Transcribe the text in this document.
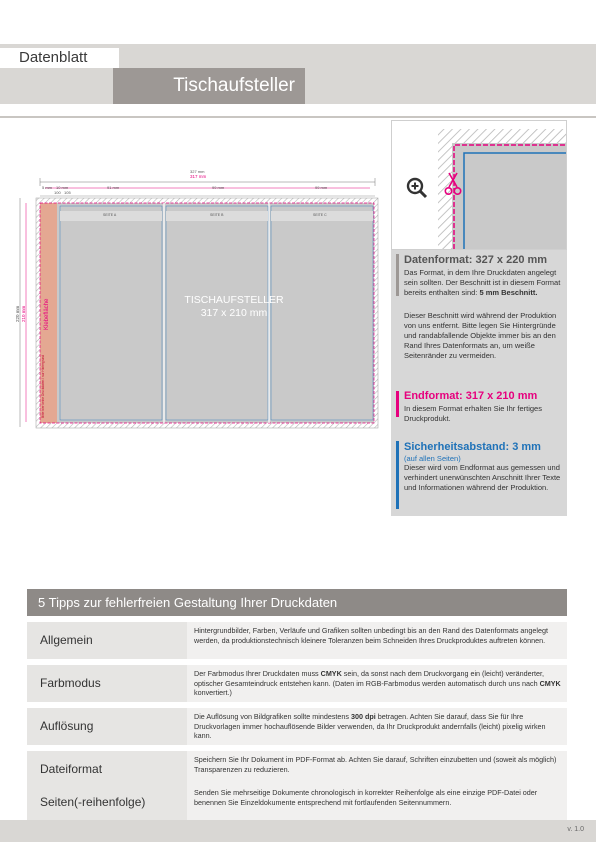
Datenblatt
Tischaufsteller
327 mm
317 mm
5 mm 10 mm	91 mm	99 mm	99 mm
100 105
220 mm 210 mm	Klebefläche
Bitte hier keine Druckdaten / nur Hintergrund
SEITE A	SEITE B	SEITE C
TISCHAUFSTELLER
317 x 210 mm
Datenformat: 327 x 220 mm
Das Format, in dem Ihre Druckdaten angelegt sein sollten. Der Beschnitt ist in diesem Format bereits enthalten sind: 5 mm Beschnitt.
Dieser Beschnitt wird während der Produktion von uns entfernt. Bitte legen Sie Hintergründe und randabfallende Objekte immer bis an den Rand Ihres Datenformats an, um weiße Seitenränder zu vermeiden.
Endformat: 317 x 210 mm
In diesem Format erhalten Sie Ihr fertiges Druckprodukt.
Sicherheitsabstand: 3 mm
(auf allen Seiten)
Dieser wird vom Endformat aus gemessen und verhindert unerwünschten Anschnitt Ihrer Texte und Informationen während der Produktion.
5 Tipps zur fehlerfreien Gestaltung Ihrer Druckdaten
Allgemein
Hintergrundbilder, Farben, Verläufe und Grafiken sollten unbedingt bis an den Rand des Datenformats angelegt werden, da produktionstechnisch kleinere Toleranzen beim Schneiden Ihres Druckproduktes auftreten können.
Farbmodus
Der Farbmodus Ihrer Druckdaten muss CMYK sein, da sonst nach dem Druckvorgang ein (leicht) veränderter, optischer Gesamteindruck entstehen kann. (Daten im RGB-Farbmodus werden automatisch durch uns nach CMYK konvertiert.)
Auflösung
Die Auflösung von Bildgrafiken sollte mindestens 300 dpi betragen. Achten Sie darauf, dass Sie für Ihre Druckvorlagen immer hochauflösende Bilder verwenden, da Ihr Druckprodukt andernfalls (leicht) pixelig wirken kann.
Dateiformat
Speichern Sie Ihr Dokument im PDF-Format ab. Achten Sie darauf, Schriften einzubetten und (soweit als möglich) Transparenzen zu reduzieren.
Seiten(-reihenfolge)
Senden Sie mehrseitige Dokumente chronologisch in korrekter Reihenfolge als eine einzige PDF-Datei oder benennen Sie Einzeldokumente entsprechend mit fortlaufenden Seitennummern.
v. 1.0
